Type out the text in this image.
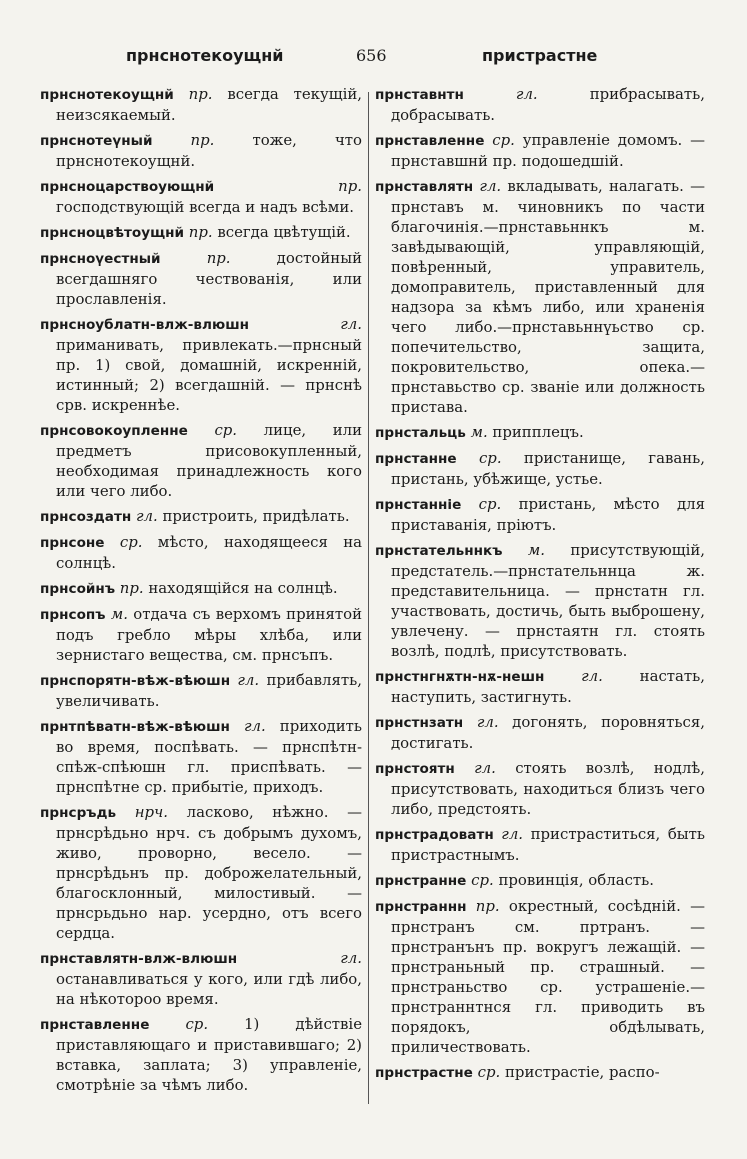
прнснотекоущнй	656	пристрастне

прнснотекоущнй пр. всегда текущій, неизсякаемый.

прнснотеүный	пр. тоже, что прнснотекоущнй.

прнсноцарствоующнй	пр. господствующій всегда и надъ всѣми.

прнсноцвѣтоущнй пр. всегда цвѣтущій.

прнсноүестный	пр. достойный всегдашняго чествованія, или прославленія.

прнсноублатн-влж-влюшн	гл. приманивать, привлекать.—прнсный пр. 1) свой, домашній, искренній, истинный; 2) всегдашній. — прнснѣ срв. искреннѣе.

прнсовокоупленне ср. лице, или предметъ присовокупленный, необходимая принадлежность кого или чего либо.

прнсоздатн гл. пристроить, придѣлать.

прнсоне ср. мѣсто, находящееся на солнцѣ.

прнсойнъ пр. находящійся на солнцѣ.

прнсопъ м. отдача съ верхомъ принятой подъ гребло мѣры хлѣба, или зернистаго вещества, см. прнсъпъ.

прнспорятн-вѣж-вѣюшн гл. прибавлять, увеличивать.

прнтпѣватн-вѣж-вѣюшн гл. приходить во время, поспѣвать. — прнспѣтн-спѣж-спѣюшн гл. приспѣвать. — прнспѣтне ср. прибытіе, приходъ.

прнсръдь нрч. ласково, нѣжно. — прнсрѣдьно нрч. съ добрымъ духомъ, живо, проворно, весело. — прнсрѣдьнъ пр. доброжелательный, благосклонный, милостивый. — прнсрьдьно нар. усердно, отъ всего сердца.

прнставлятн-влж-влюшн	гл. останавливаться у кого, или гдѣ либо, на нѣкотороо время.

прнставленне ср. 1) дѣйствіе приставляющаго и приставившаго; 2) вставка, заплата; 3) управленіе, смотрѣніе за чѣмъ либо.

прнставнтн	гл. прибрасывать, добрасывать.

прнставленне ср. управленіе домомъ. —прнставшнй пр. подошедшій.

прнставлятн гл. вкладывать, налагать. — прнставъ м. чиновникъ по части благочинія.—прнставьннкъ м. завѣдывающій, управляющій, повѣренный, управитель, домоправитель, приставленный для надзора за кѣмъ либо, или храненія чего либо.—прнставьннүьство ср. попечительство, защита, покровительство, опека.— прнставьство ср. званіе или должность пристава.

прнстальць м. припплецъ.

прнстанне ср. пристанище, гавань, пристань, убѣжище, устье.

прнстанніе ср. пристань, мѣсто для приставанія, пріютъ.

прнстательннкъ м. присутствующій, предстатель.—прнстательннца ж. представительница. — прнстатн гл. участвовать, достичь, быть выброшену, увлечену. — прнстаятн гл. стоять возлѣ, подлѣ, присутствовать.

прнстнгнѫтн-нѫ-нешн гл. настать, наступить, застигнуть.

прнстнзатн гл. догонять, поровняться, достигать.

прнстоятн гл. стоять возлѣ, нодлѣ, присутствовать, находиться близъ чего либо, предстоять.

прнстрадоватн гл. пристраститься, быть пристрастнымъ.

прнстранне ср. провинція, область.

прнстраннн пр. окрестный, сосѣдній. —прнстранъ см. пртранъ. — прнстранънъ пр. вокругъ лежащій. — прнстраньный пр. страшный. — прнстраньство ср. устрашеніе.—прнстраннтнся гл. приводить въ порядокъ, обдѣлывать, приличествовать.

прнстрастне ср. пристрастіе, распо-
